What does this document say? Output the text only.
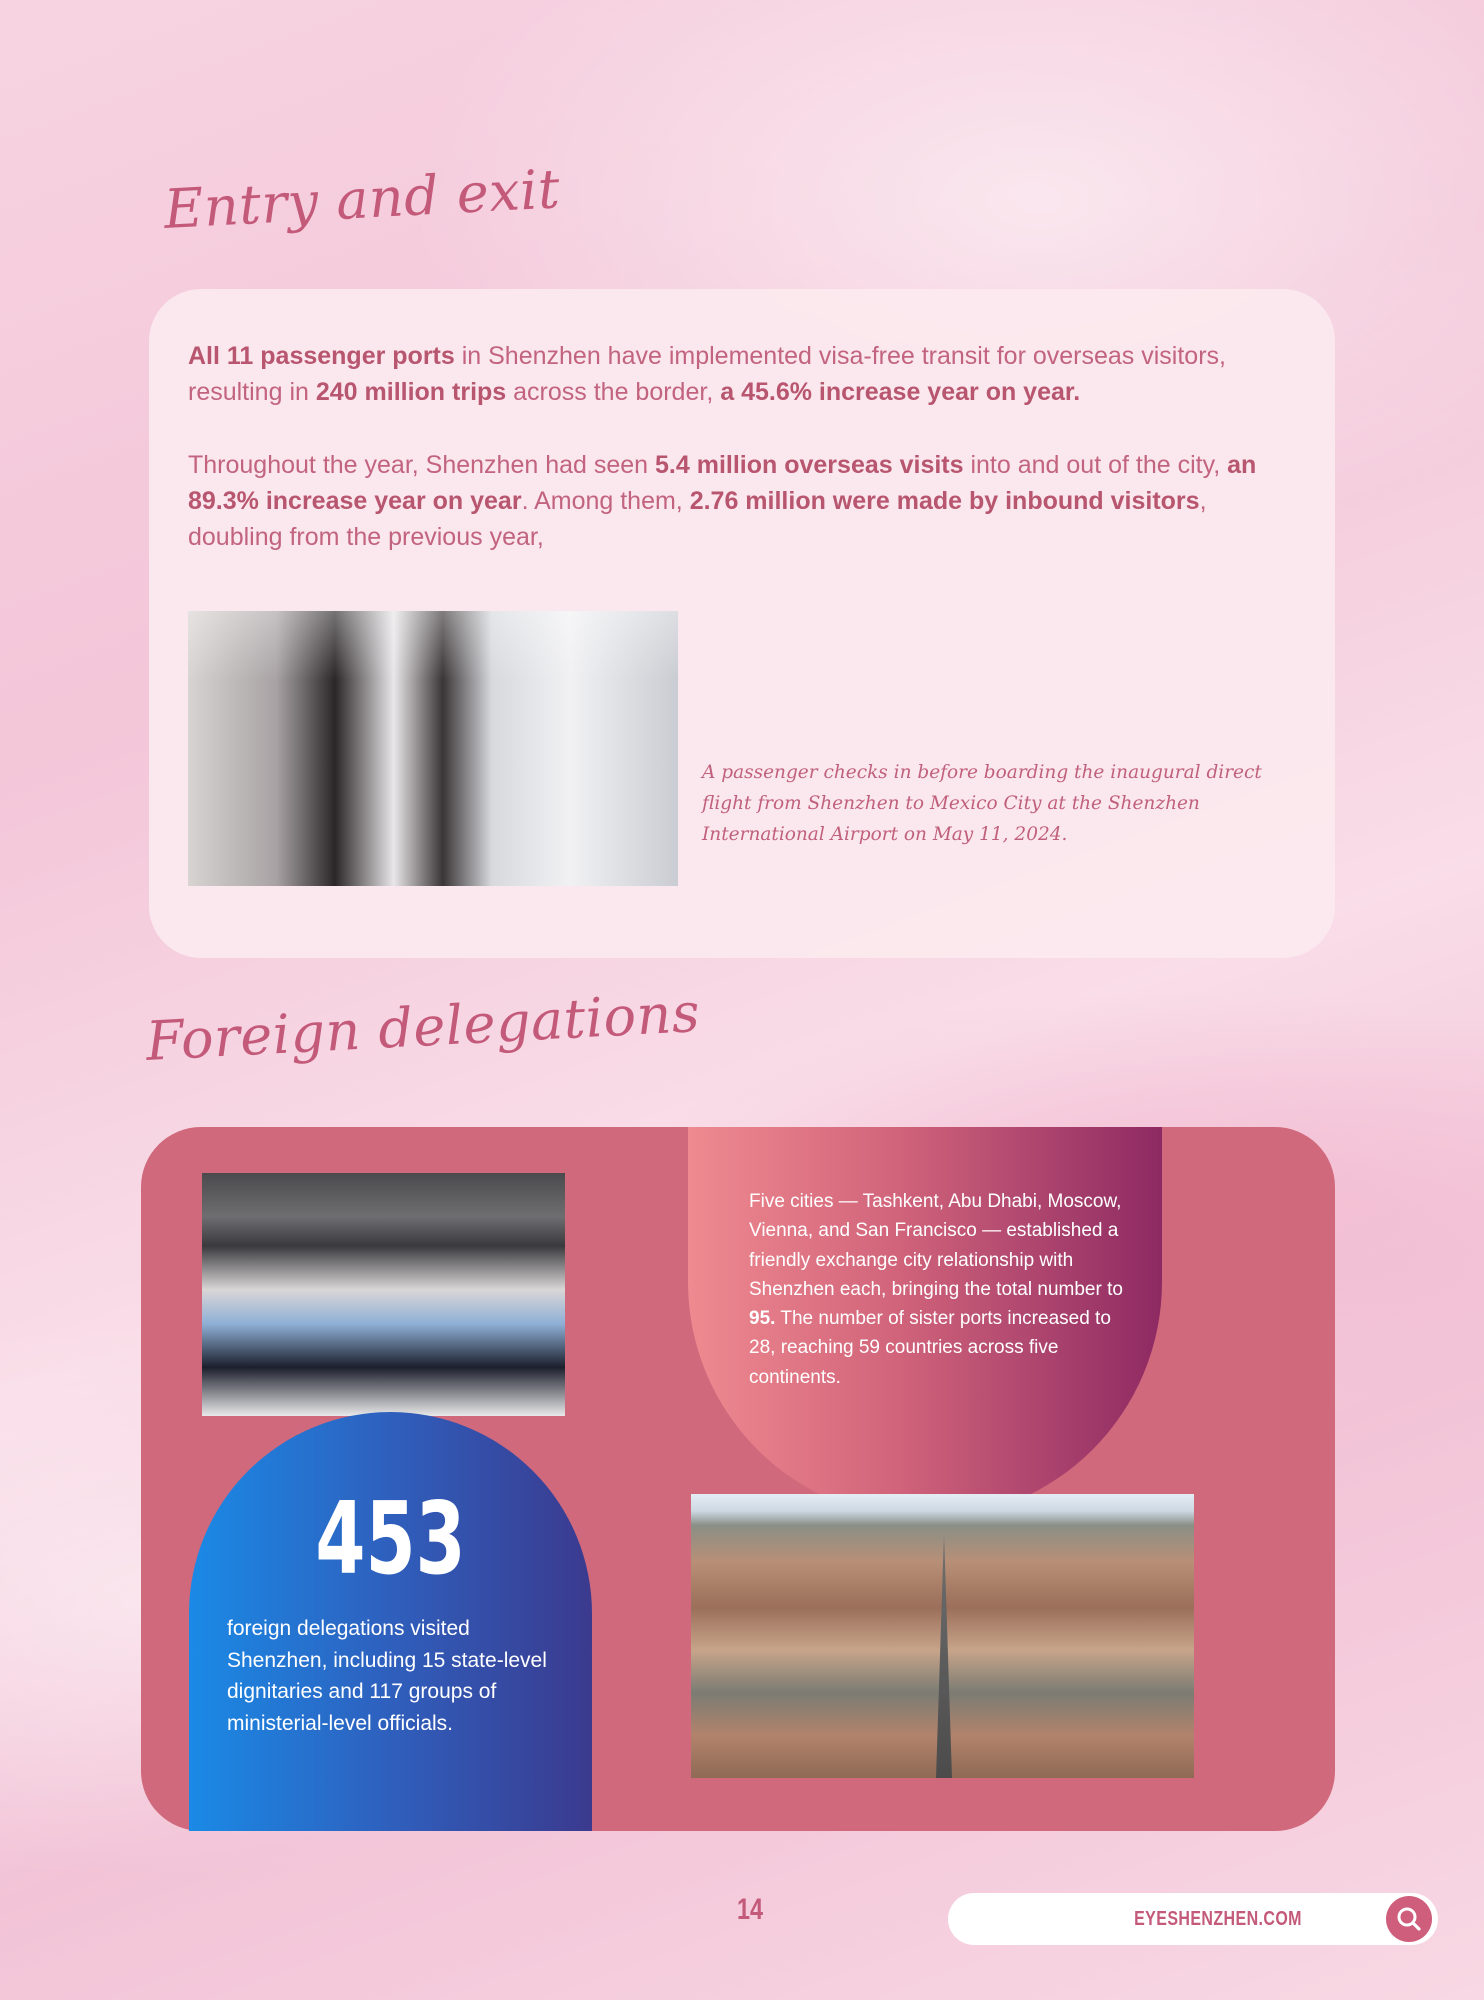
Entry and exit

All 11 passenger ports in Shenzhen have implemented visa-free transit for overseas visitors, resulting in 240 million trips across the border, a 45.6% increase year on year.

Throughout the year, Shenzhen had seen 5.4 million overseas visits into and out of the city, an 89.3% increase year on year. Among them, 2.76 million were made by inbound visitors, doubling from the previous year,

A passenger checks in before boarding the inaugural direct flight from Shenzhen to Mexico City at the Shenzhen International Airport on May 11, 2024.

Foreign delegations

Five cities — Tashkent, Abu Dhabi, Moscow, Vienna, and San Francisco — established a friendly exchange city relationship with Shenzhen each, bringing the total number to 95. The number of sister ports increased to 28, reaching 59 countries across five continents.

453

foreign delegations visited Shenzhen, including 15 state-level dignitaries and 117 groups of ministerial-level officials.

14	EYESHENZHEN.COM
